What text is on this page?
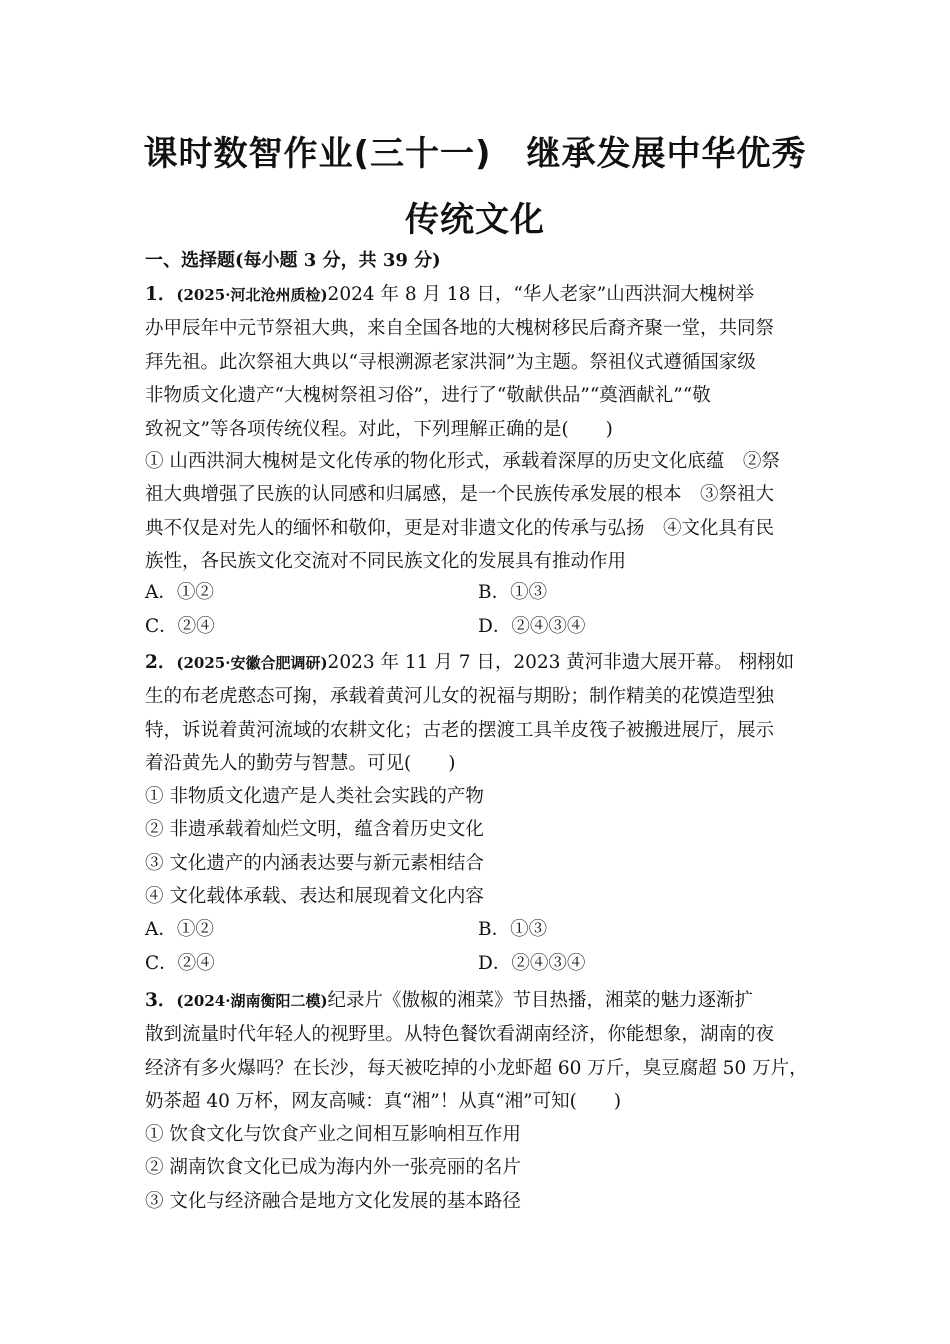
课时数智作业(三十一)　继承发展中华优秀
传统文化
一、选择题(每小题 3 分，共 39 分)
1．(2025·河北沧州质检)2024 年 8 月 18 日，“华人老家”山西洪洞大槐树举
办甲辰年中元节祭祖大典，来自全国各地的大槐树移民后裔齐聚一堂，共同祭
拜先祖。此次祭祖大典以“寻根溯源老家洪洞”为主题。祭祖仪式遵循国家级
非物质文化遗产“大槐树祭祖习俗”，进行了“敬献供品”“奠酒献礼”“敬
致祝文”等各项传统仪程。对此，下列理解正确的是(　　)
① 山西洪洞大槐树是文化传承的物化形式，承载着深厚的历史文化底蕴　②祭
祖大典增强了民族的认同感和归属感，是一个民族传承发展的根本　③祭祖大
典不仅是对先人的缅怀和敬仰，更是对非遗文化的传承与弘扬　④文化具有民
族性，各民族文化交流对不同民族文化的发展具有推动作用
A．①②	B．①③
C．②④	D．②④③④
2．(2025·安徽合肥调研)2023 年 11 月 7 日，2023 黄河非遗大展开幕。 栩栩如
生的布老虎憨态可掬，承载着黄河儿女的祝福与期盼；制作精美的花馍造型独
特，诉说着黄河流域的农耕文化；古老的摆渡工具羊皮筏子被搬进展厅，展示
着沿黄先人的勤劳与智慧。可见(　　)
① 非物质文化遗产是人类社会实践的产物
② 非遗承载着灿烂文明，蕴含着历史文化
③ 文化遗产的内涵表达要与新元素相结合
④ 文化载体承载、表达和展现着文化内容
A．①②	B．①③
C．②④	D．②④③④
3．(2024·湖南衡阳二模)纪录片《傲椒的湘菜》节目热播，湘菜的魅力逐渐扩
散到流量时代年轻人的视野里。从特色餐饮看湖南经济，你能想象，湖南的夜
经济有多火爆吗？在长沙，每天被吃掉的小龙虾超 60 万斤，臭豆腐超 50 万片，
奶茶超 40 万杯，网友高喊：真“湘”！从真“湘”可知(　　)
① 饮食文化与饮食产业之间相互影响相互作用
② 湖南饮食文化已成为海内外一张亮丽的名片
③ 文化与经济融合是地方文化发展的基本路径
